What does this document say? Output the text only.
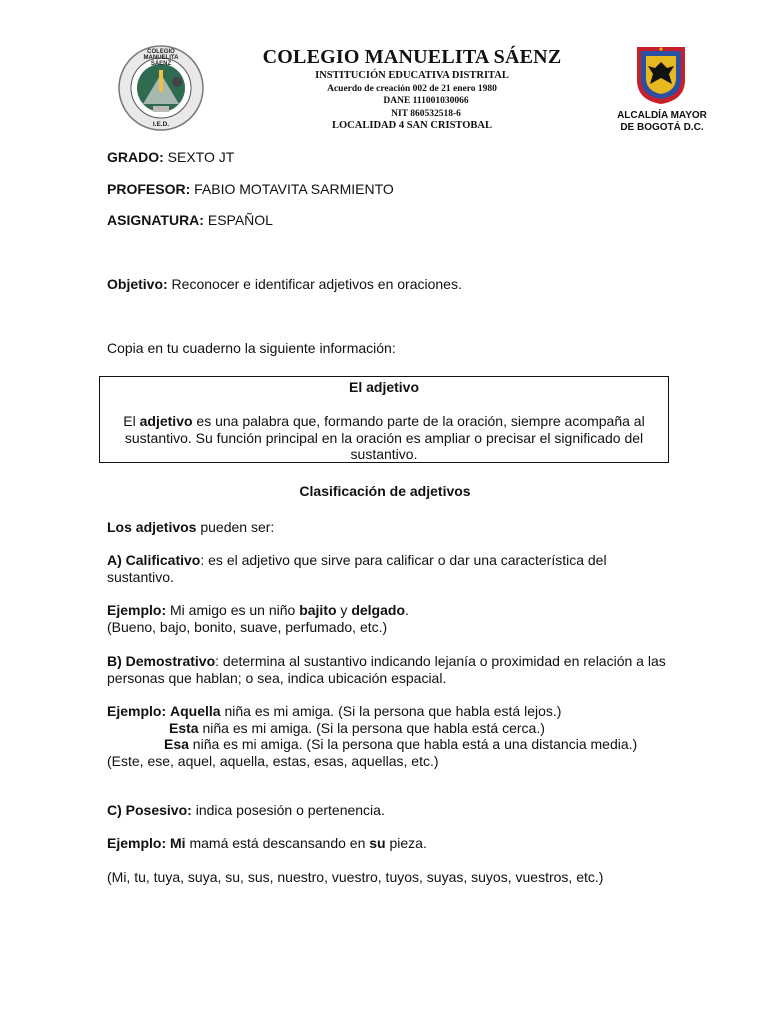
COLEGIO MANUELITA SÁENZ
I.E.D.
COLEGIO MANUELITA SÁENZ
INSTITUCIÓN EDUCATIVA DISTRITAL
Acuerdo de creación 002 de 21 enero 1980
DANE 111001030066
NIT 860532518-6
LOCALIDAD 4 SAN CRISTOBAL
ALCALDÍA MAYOR
DE BOGOTÁ D.C.
GRADO: SEXTO JT
PROFESOR: FABIO MOTAVITA SARMIENTO
ASIGNATURA: ESPAÑOL
Objetivo: Reconocer e identificar adjetivos en oraciones.
Copia en tu cuaderno la siguiente información:
El adjetivo
El adjetivo es una palabra que, formando parte de la oración, siempre acompaña al sustantivo. Su función principal en la oración es ampliar o precisar el significado del sustantivo.
Clasificación de adjetivos
Los adjetivos pueden ser:
A) Calificativo: es el adjetivo que sirve para calificar o dar una característica del
sustantivo.
Ejemplo: Mi amigo es un niño bajito y delgado.
(Bueno, bajo, bonito, suave, perfumado, etc.)
B) Demostrativo: determina al sustantivo indicando lejanía o proximidad en relación a las
personas que hablan; o sea, indica ubicación espacial.
Ejemplo: Aquella niña es mi amiga. (Si la persona que habla está lejos.)
Esta niña es mi amiga. (Si la persona que habla está cerca.)
Esa niña es mi amiga. (Si la persona que habla está a una distancia media.)
(Este, ese, aquel, aquella, estas, esas, aquellas, etc.)
C) Posesivo: indica posesión o pertenencia.
Ejemplo: Mi mamá está descansando en su pieza.
(Mi, tu, tuya, suya, su, sus, nuestro, vuestro, tuyos, suyas, suyos, vuestros, etc.)
